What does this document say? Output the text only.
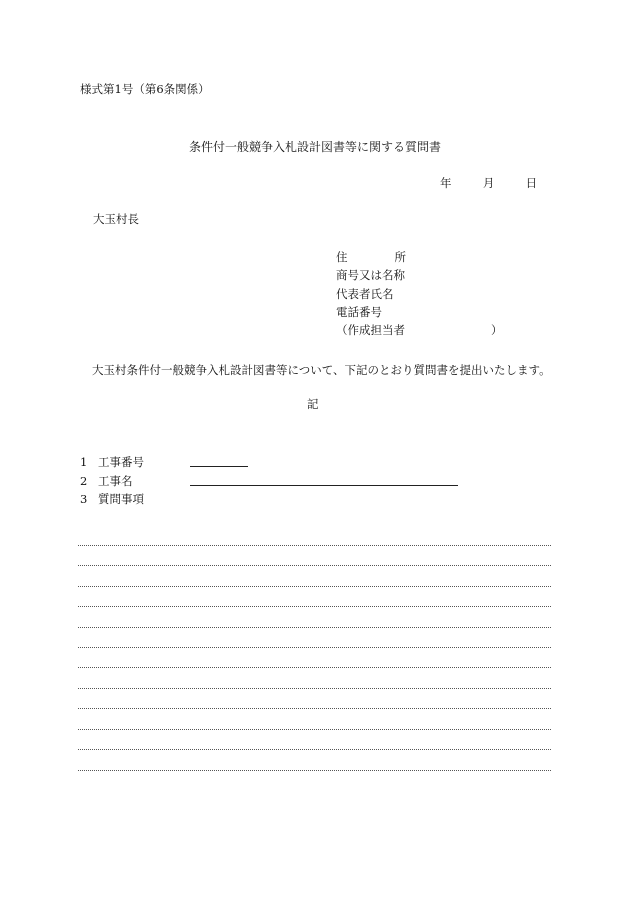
様式第1号（第6条関係）
条件付一般競争入札設計図書等に関する質問書
年	月	日
大玉村長
住	所
商号又は名称
代表者氏名
電話番号
（作成担当者	）
大玉村条件付一般競争入札設計図書等について、下記のとおり質問書を提出いたします。
記
1 工事番号
2 工事名
3 質問事項
